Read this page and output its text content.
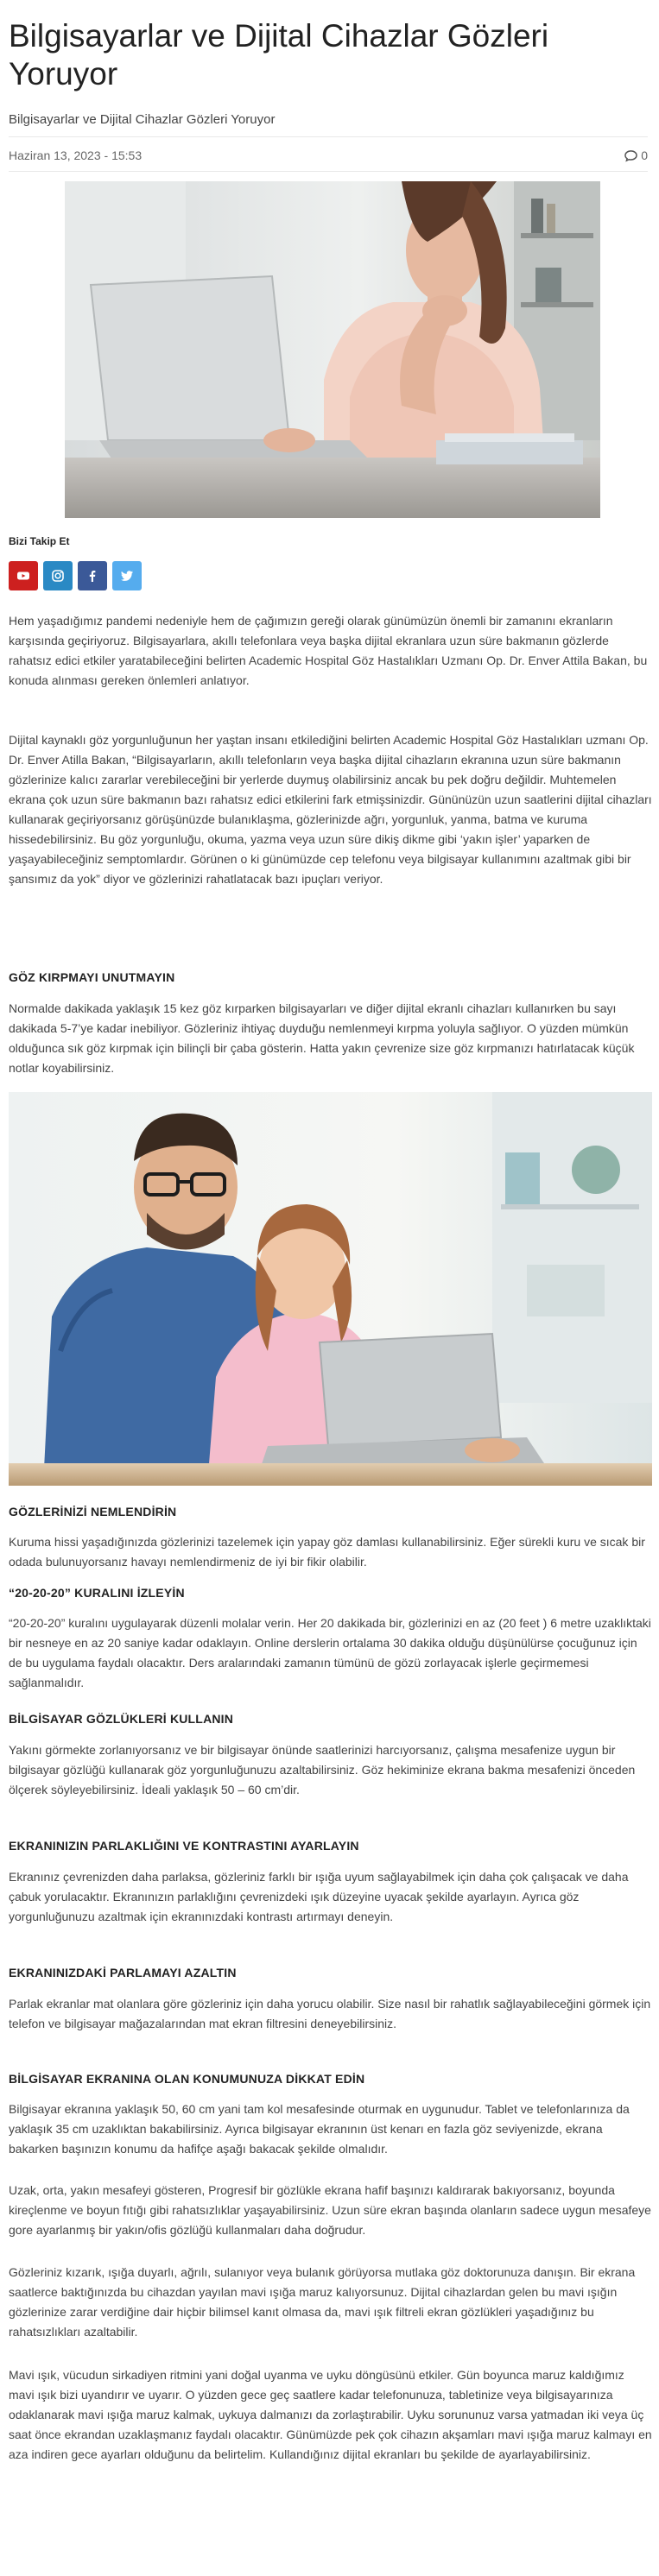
Bilgisayarlar ve Dijital Cihazlar Gözleri Yoruyor
Bilgisayarlar ve Dijital Cihazlar Gözleri Yoruyor
Haziran 13, 2023 - 15:53	0
Bizi Takip Et

Hem yaşadığımız pandemi nedeniyle hem de çağımızın gereği olarak günümüzün önemli bir zamanını ekranların karşısında geçiriyoruz. Bilgisayarlara, akıllı telefonlara veya başka dijital ekranlara uzun süre bakmanın gözlerde rahatsız edici etkiler yaratabileceğini belirten Academic Hospital Göz Hastalıkları Uzmanı Op. Dr. Enver Attila Bakan, bu konuda alınması gereken önlemleri anlatıyor.

Dijital kaynaklı göz yorgunluğunun her yaştan insanı etkilediğini belirten Academic Hospital Göz Hastalıkları uzmanı Op. Dr. Enver Atilla Bakan, “Bilgisayarların, akıllı telefonların veya başka dijital cihazların ekranına uzun süre bakmanın gözlerinize kalıcı zararlar verebileceğini bir yerlerde duymuş olabilirsiniz ancak bu pek doğru değildir. Muhtemelen ekrana çok uzun süre bakmanın bazı rahatsız edici etkilerini fark etmişsinizdir. Gününüzün uzun saatlerini dijital cihazları kullanarak geçiriyorsanız görüşünüzde bulanıklaşma, gözlerinizde ağrı, yorgunluk, yanma, batma ve kuruma hissedebilirsiniz. Bu göz yorgunluğu, okuma, yazma veya uzun süre dikiş dikme gibi ‘yakın işler’ yaparken de yaşayabileceğiniz semptomlardır. Görünen o ki günümüzde cep telefonu veya bilgisayar kullanımını azaltmak gibi bir şansımız da yok” diyor ve gözlerinizi rahatlatacak bazı ipuçları veriyor.

GÖZ KIRPMAYI UNUTMAYIN

Normalde dakikada yaklaşık 15 kez göz kırparken bilgisayarları ve diğer dijital ekranlı cihazları kullanırken bu sayı dakikada 5-7’ye kadar inebiliyor. Gözleriniz ihtiyaç duyduğu nemlenmeyi kırpma yoluyla sağlıyor. O yüzden mümkün olduğunca sık göz kırpmak için bilinçli bir çaba gösterin. Hatta yakın çevrenize size göz kırpmanızı hatırlatacak küçük notlar koyabilirsiniz.

GÖZLERİNİZİ NEMLENDİRİN

Kuruma hissi yaşadığınızda gözlerinizi tazelemek için yapay göz damlası kullanabilirsiniz. Eğer sürekli kuru ve sıcak bir odada bulunuyorsanız havayı nemlendirmeniz de iyi bir fikir olabilir.

“20-20-20” KURALINI İZLEYİN

“20-20-20” kuralını uygulayarak düzenli molalar verin. Her 20 dakikada bir, gözlerinizi en az (20 feet ) 6 metre uzaklıktaki bir nesneye en az 20 saniye kadar odaklayın. Online derslerin ortalama 30 dakika olduğu düşünülürse çocuğunuz için de bu uygulama faydalı olacaktır. Ders aralarındaki zamanın tümünü de gözü zorlayacak işlerle geçirmemesi sağlanmalıdır.

BİLGİSAYAR GÖZLÜKLERİ KULLANIN

Yakını görmekte zorlanıyorsanız ve bir bilgisayar önünde saatlerinizi harcıyorsanız, çalışma mesafenize uygun bir bilgisayar gözlüğü kullanarak göz yorgunluğunuzu azaltabilirsiniz. Göz hekiminize ekrana bakma mesafenizi önceden ölçerek söyleyebilirsiniz. İdeali yaklaşık 50 – 60 cm’dir.

EKRANINIZIN PARLAKLIĞINI VE KONTRASTINI AYARLAYIN

Ekranınız çevrenizden daha parlaksa, gözleriniz farklı bir ışığa uyum sağlayabilmek için daha çok çalışacak ve daha çabuk yorulacaktır. Ekranınızın parlaklığını çevrenizdeki ışık düzeyine uyacak şekilde ayarlayın. Ayrıca göz yorgunluğunuzu azaltmak için ekranınızdaki kontrastı artırmayı deneyin.

EKRANINIZDAKİ PARLAMAYI AZALTIN

Parlak ekranlar mat olanlara göre gözleriniz için daha yorucu olabilir. Size nasıl bir rahatlık sağlayabileceğini görmek için telefon ve bilgisayar mağazalarından mat ekran filtresini deneyebilirsiniz.

BİLGİSAYAR EKRANINA OLAN KONUMUNUZA DİKKAT EDİN

Bilgisayar ekranına yaklaşık 50, 60 cm yani tam kol mesafesinde oturmak en uygunudur. Tablet ve telefonlarınıza da yaklaşık 35 cm uzaklıktan bakabilirsiniz. Ayrıca bilgisayar ekranının üst kenarı en fazla göz seviyenizde, ekrana bakarken başınızın konumu da hafifçe aşağı bakacak şekilde olmalıdır.

Uzak, orta, yakın mesafeyi gösteren, Progresif bir gözlükle ekrana hafif başınızı kaldırarak bakıyorsanız, boyunda kireçlenme ve boyun fıtığı gibi rahatsızlıklar yaşayabilirsiniz. Uzun süre ekran başında olanların sadece uygun mesafeye gore ayarlanmış bir yakın/ofis gözlüğü kullanmaları daha doğrudur.

Gözleriniz kızarık, ışığa duyarlı, ağrılı, sulanıyor veya bulanık görüyorsa mutlaka göz doktorunuza danışın. Bir ekrana saatlerce baktığınızda bu cihazdan yayılan mavi ışığa maruz kalıyorsunuz. Dijital cihazlardan gelen bu mavi ışığın gözlerinize zarar verdiğine dair hiçbir bilimsel kanıt olmasa da, mavi ışık filtreli ekran gözlükleri yaşadığınız bu rahatsızlıkları azaltabilir.

Mavi ışık, vücudun sirkadiyen ritmini yani doğal uyanma ve uyku döngüsünü etkiler. Gün boyunca maruz kaldığımız mavi ışık bizi uyandırır ve uyarır. O yüzden gece geç saatlere kadar telefonunuza, tabletinize veya bilgisayarınıza odaklanarak mavi ışığa maruz kalmak, uykuya dalmanızı da zorlaştırabilir. Uyku sorununuz varsa yatmadan iki veya üç saat önce ekrandan uzaklaşmanız faydalı olacaktır. Günümüzde pek çok cihazın akşamları mavi ışığa maruz kalmayı en aza indiren gece ayarları olduğunu da belirtelim. Kullandığınız dijital ekranları bu şekilde de ayarlayabilirsiniz.
